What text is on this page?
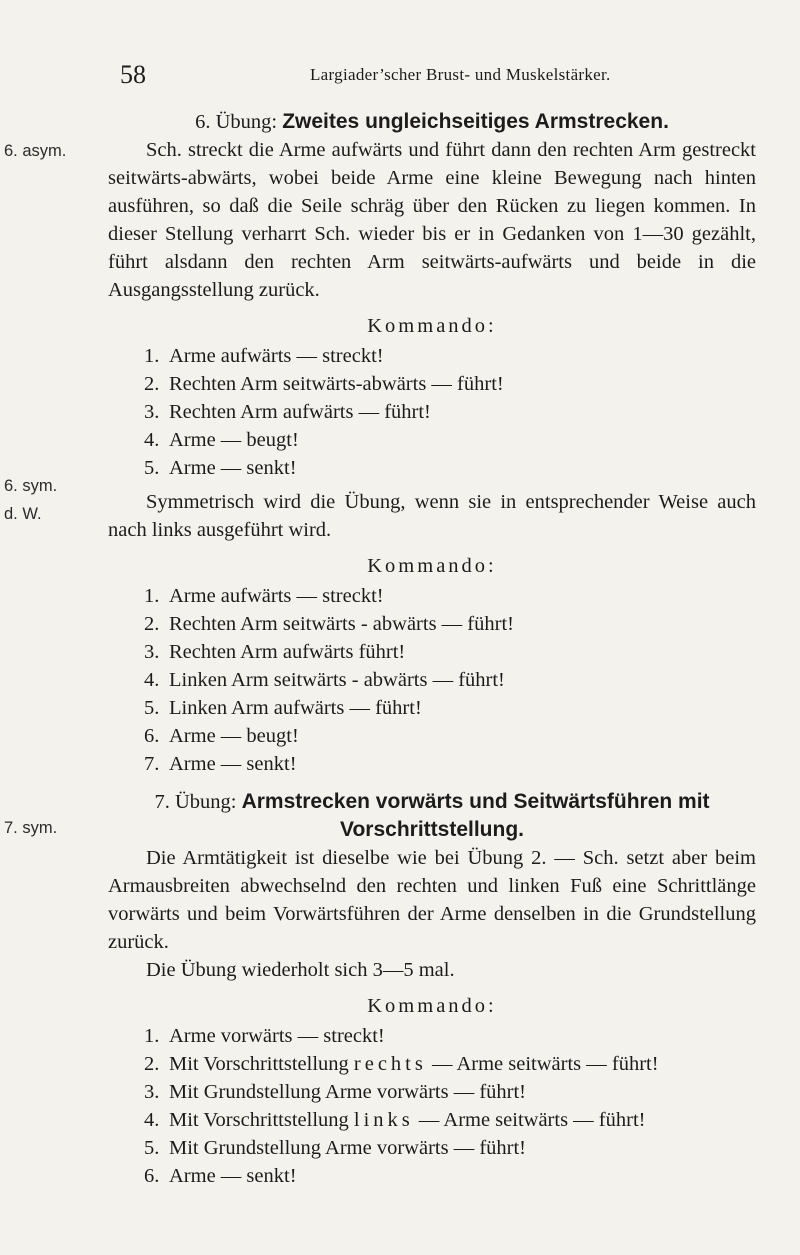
58	Largiader’scher Brust- und Muskelstärker.
6. asym.
6. sym.
d. W.
7. sym.
6. Übung: Zweites ungleichseitiges Armstrecken.

Sch. streckt die Arme aufwärts und führt dann den rechten Arm gestreckt seitwärts-abwärts, wobei beide Arme eine kleine Bewegung nach hinten ausführen, so daß die Seile schräg über den Rücken zu liegen kommen. In dieser Stellung verharrt Sch. wieder bis er in Gedanken von 1—30 gezählt, führt alsdann den rechten Arm seitwärts-aufwärts und beide in die Ausgangsstellung zurück.

Kommando:
1. Arme aufwärts — streckt!
2. Rechten Arm seitwärts-abwärts — führt!
3. Rechten Arm aufwärts — führt!
4. Arme — beugt!
5. Arme — senkt!

Symmetrisch wird die Übung, wenn sie in entsprechender Weise auch nach links ausgeführt wird.

Kommando:
1. Arme aufwärts — streckt!
2. Rechten Arm seitwärts - abwärts — führt!
3. Rechten Arm aufwärts führt!
4. Linken Arm seitwärts - abwärts — führt!
5. Linken Arm aufwärts — führt!
6. Arme — beugt!
7. Arme — senkt!
7. Übung: Armstrecken vorwärts und Seitwärtsführen mit
Vorschrittstellung.

Die Armtätigkeit ist dieselbe wie bei Übung 2. — Sch. setzt aber beim Armausbreiten abwechselnd den rechten und linken Fuß eine Schrittlänge vorwärts und beim Vorwärtsführen der Arme denselben in die Grundstellung zurück.

Die Übung wiederholt sich 3—5 mal.

Kommando:
1. Arme vorwärts — streckt!
2. Mit Vorschrittstellung rechts — Arme seitwärts — führt!
3. Mit Grundstellung Arme vorwärts — führt!
4. Mit Vorschrittstellung links — Arme seitwärts — führt!
5. Mit Grundstellung Arme vorwärts — führt!
6. Arme — senkt!
